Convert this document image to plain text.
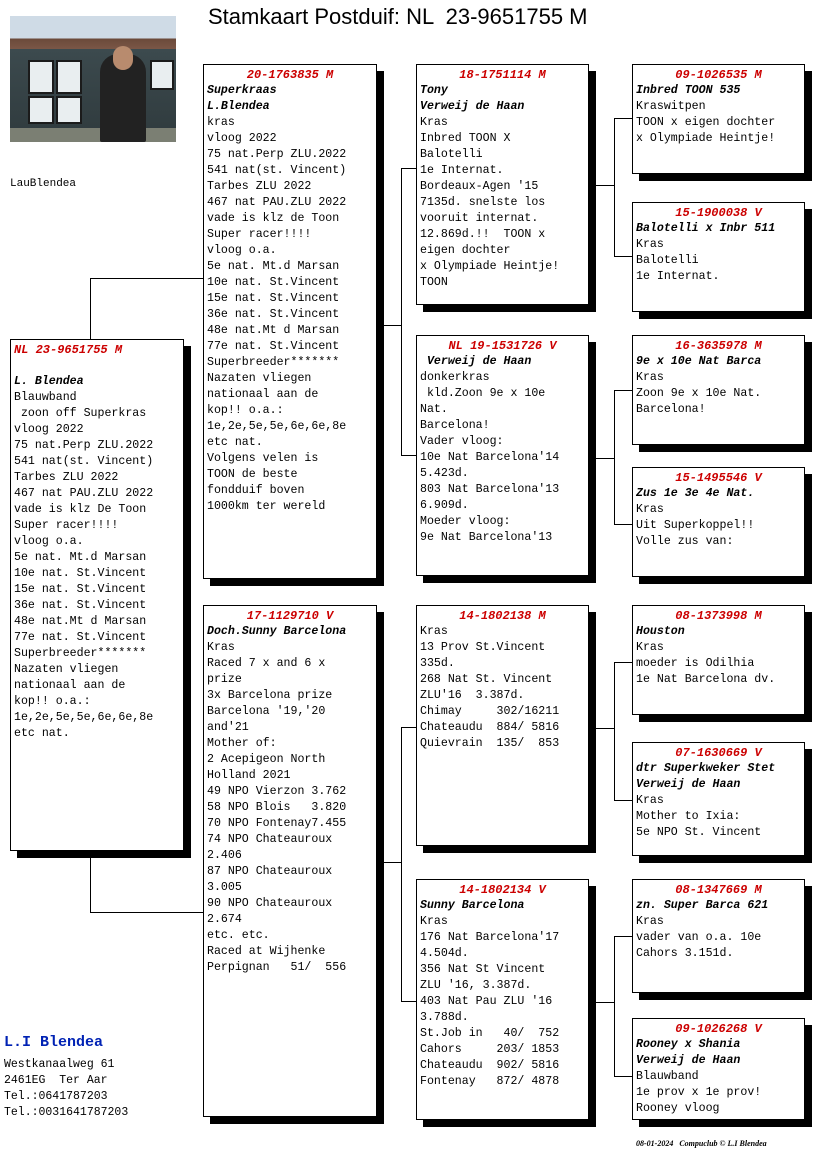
Stamkaart Postduif: NL  23-9651755 M
LauBlendea
NL 23-9651755 M
L. Blendea
Blauwband
zoon off Superkras
vloog 2022
75 nat.Perp ZLU.2022
541 nat(st. Vincent)
Tarbes ZLU 2022
467 nat PAU.ZLU 2022
vade is klz De Toon
Super racer!!!!
vloog o.a.
5e nat. Mt.d Marsan
10e nat. St.Vincent
15e nat. St.Vincent
36e nat. St.Vincent
48e nat.Mt d Marsan
77e nat. St.Vincent
Superbreeder*******
Nazaten vliegen
nationaal aan de
kop!! o.a.:
1e,2e,5e,5e,6e,6e,8e
etc nat.
20-1763835 M
Superkraas
L.Blendea
kras
vloog 2022
75 nat.Perp ZLU.2022
541 nat(st. Vincent)
Tarbes ZLU 2022
467 nat PAU.ZLU 2022
vade is klz de Toon
Super racer!!!!
vloog o.a.
5e nat. Mt.d Marsan
10e nat. St.Vincent
15e nat. St.Vincent
36e nat. St.Vincent
48e nat.Mt d Marsan
77e nat. St.Vincent
Superbreeder*******
Nazaten vliegen
nationaal aan de
kop!! o.a.:
1e,2e,5e,5e,6e,6e,8e
etc nat.
Volgens velen is
TOON de beste
fondduif boven
1000km ter wereld
17-1129710 V
Doch.Sunny Barcelona
Kras
Raced 7 x and 6 x
prize
3x Barcelona prize
Barcelona '19,'20
and'21
Mother of:
2 Acepigeon North
Holland 2021
49 NPO Vierzon 3.762
58 NPO Blois   3.820
70 NPO Fontenay7.455
74 NPO Chateauroux
2.406
87 NPO Chateauroux
3.005
90 NPO Chateauroux
2.674
etc. etc.
Raced at Wijhenke
Perpignan   51/  556
18-1751114 M
Tony
Verweij de Haan
Kras
Inbred TOON X
Balotelli
1e Internat.
Bordeaux-Agen '15
7135d. snelste los
vooruit internat.
12.869d.!!  TOON x
eigen dochter
x Olympiade Heintje!
TOON
NL 19-1531726 V
Verweij de Haan
donkerkras
kld.Zoon 9e x 10e
Nat.
Barcelona!
Vader vloog:
10e Nat Barcelona'14
5.423d.
803 Nat Barcelona'13
6.909d.
Moeder vloog:
9e Nat Barcelona'13
14-1802138 M
Kras
13 Prov St.Vincent
335d.
268 Nat St. Vincent
ZLU'16  3.387d.
Chimay     302/16211
Chateaudu  884/ 5816
Quievrain  135/  853
14-1802134 V
Sunny Barcelona
Kras
176 Nat Barcelona'17
4.504d.
356 Nat St Vincent
ZLU '16, 3.387d.
403 Nat Pau ZLU '16
3.788d.
St.Job in   40/  752
Cahors     203/ 1853
Chateaudu  902/ 5816
Fontenay   872/ 4878
09-1026535 M
Inbred TOON 535
Kraswitpen
TOON x eigen dochter
x Olympiade Heintje!
15-1900038 V
Balotelli x Inbr 511
Kras
Balotelli
1e Internat.
16-3635978 M
9e x 10e Nat Barca
Kras
Zoon 9e x 10e Nat.
Barcelona!
15-1495546 V
Zus 1e 3e 4e Nat.
Kras
Uit Superkoppel!!
Volle zus van:
08-1373998 M
Houston
Kras
moeder is Odilhia
1e Nat Barcelona dv.
07-1630669 V
dtr Superkweker Stet
Verweij de Haan
Kras
Mother to Ixia:
5e NPO St. Vincent
08-1347669 M
zn. Super Barca 621
Kras
vader van o.a. 10e
Cahors 3.151d.
09-1026268 V
Rooney x Shania
Verweij de Haan
Blauwband
1e prov x 1e prov!
Rooney vloog
L.I Blendea
Westkanaalweg 61
2461EG  Ter Aar
Tel.:0641787203
Tel.:0031641787203
08-01-2024   Compuclub © L.I Blendea
